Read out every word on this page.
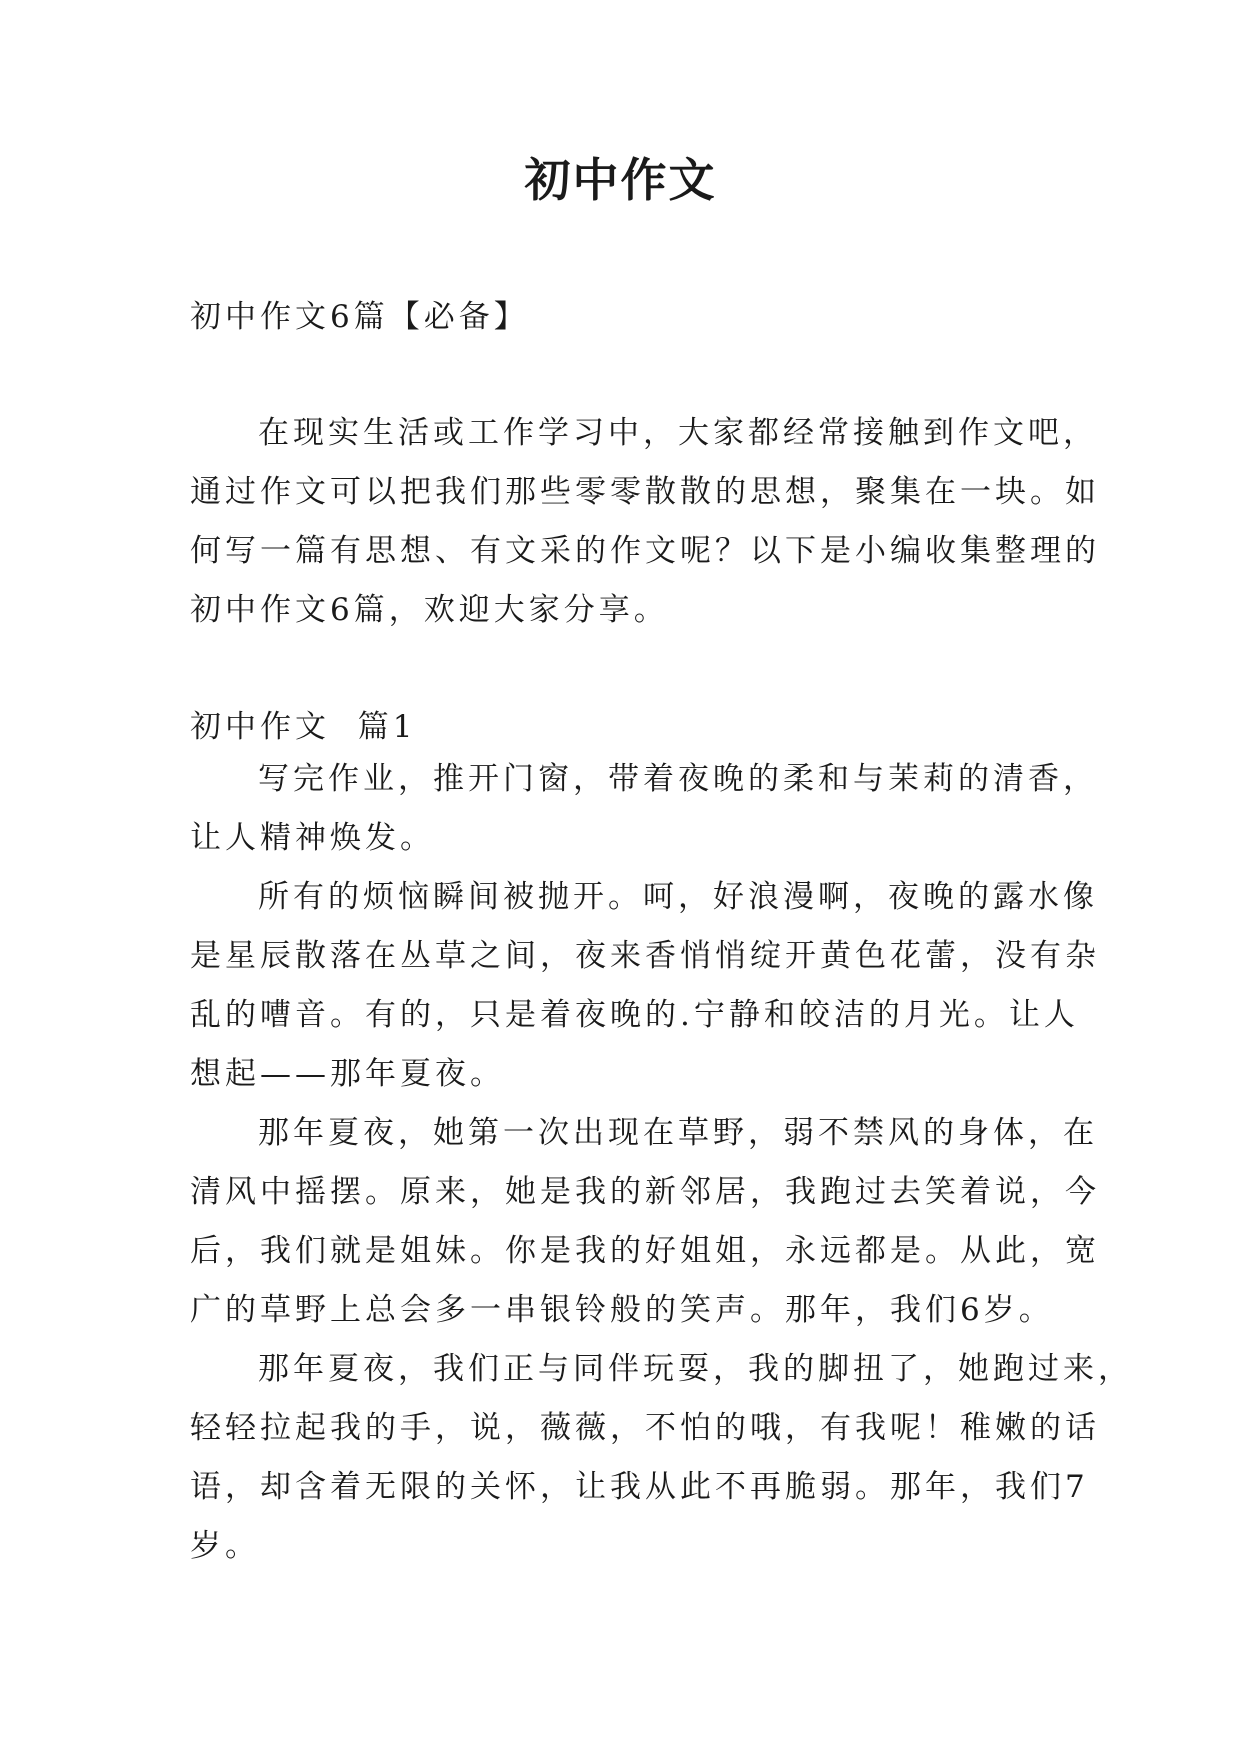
初中作文
初中作文6篇【必备】
在现实生活或工作学习中，大家都经常接触到作文吧，
通过作文可以把我们那些零零散散的思想，聚集在一块。如
何写一篇有思想、有文采的作文呢？以下是小编收集整理的
初中作文6篇，欢迎大家分享。
初中作文  篇1
写完作业，推开门窗，带着夜晚的柔和与茉莉的清香，
让人精神焕发。
所有的烦恼瞬间被抛开。呵，好浪漫啊，夜晚的露水像
是星辰散落在丛草之间，夜来香悄悄绽开黄色花蕾，没有杂
乱的嘈音。有的，只是着夜晚的.宁静和皎洁的月光。让人
想起——那年夏夜。
那年夏夜，她第一次出现在草野，弱不禁风的身体，在
清风中摇摆。原来，她是我的新邻居，我跑过去笑着说，今
后，我们就是姐妹。你是我的好姐姐，永远都是。从此，宽
广的草野上总会多一串银铃般的笑声。那年，我们6岁。
那年夏夜，我们正与同伴玩耍，我的脚扭了，她跑过来，
轻轻拉起我的手，说，薇薇，不怕的哦，有我呢！稚嫩的话
语，却含着无限的关怀，让我从此不再脆弱。那年，我们7
岁。
